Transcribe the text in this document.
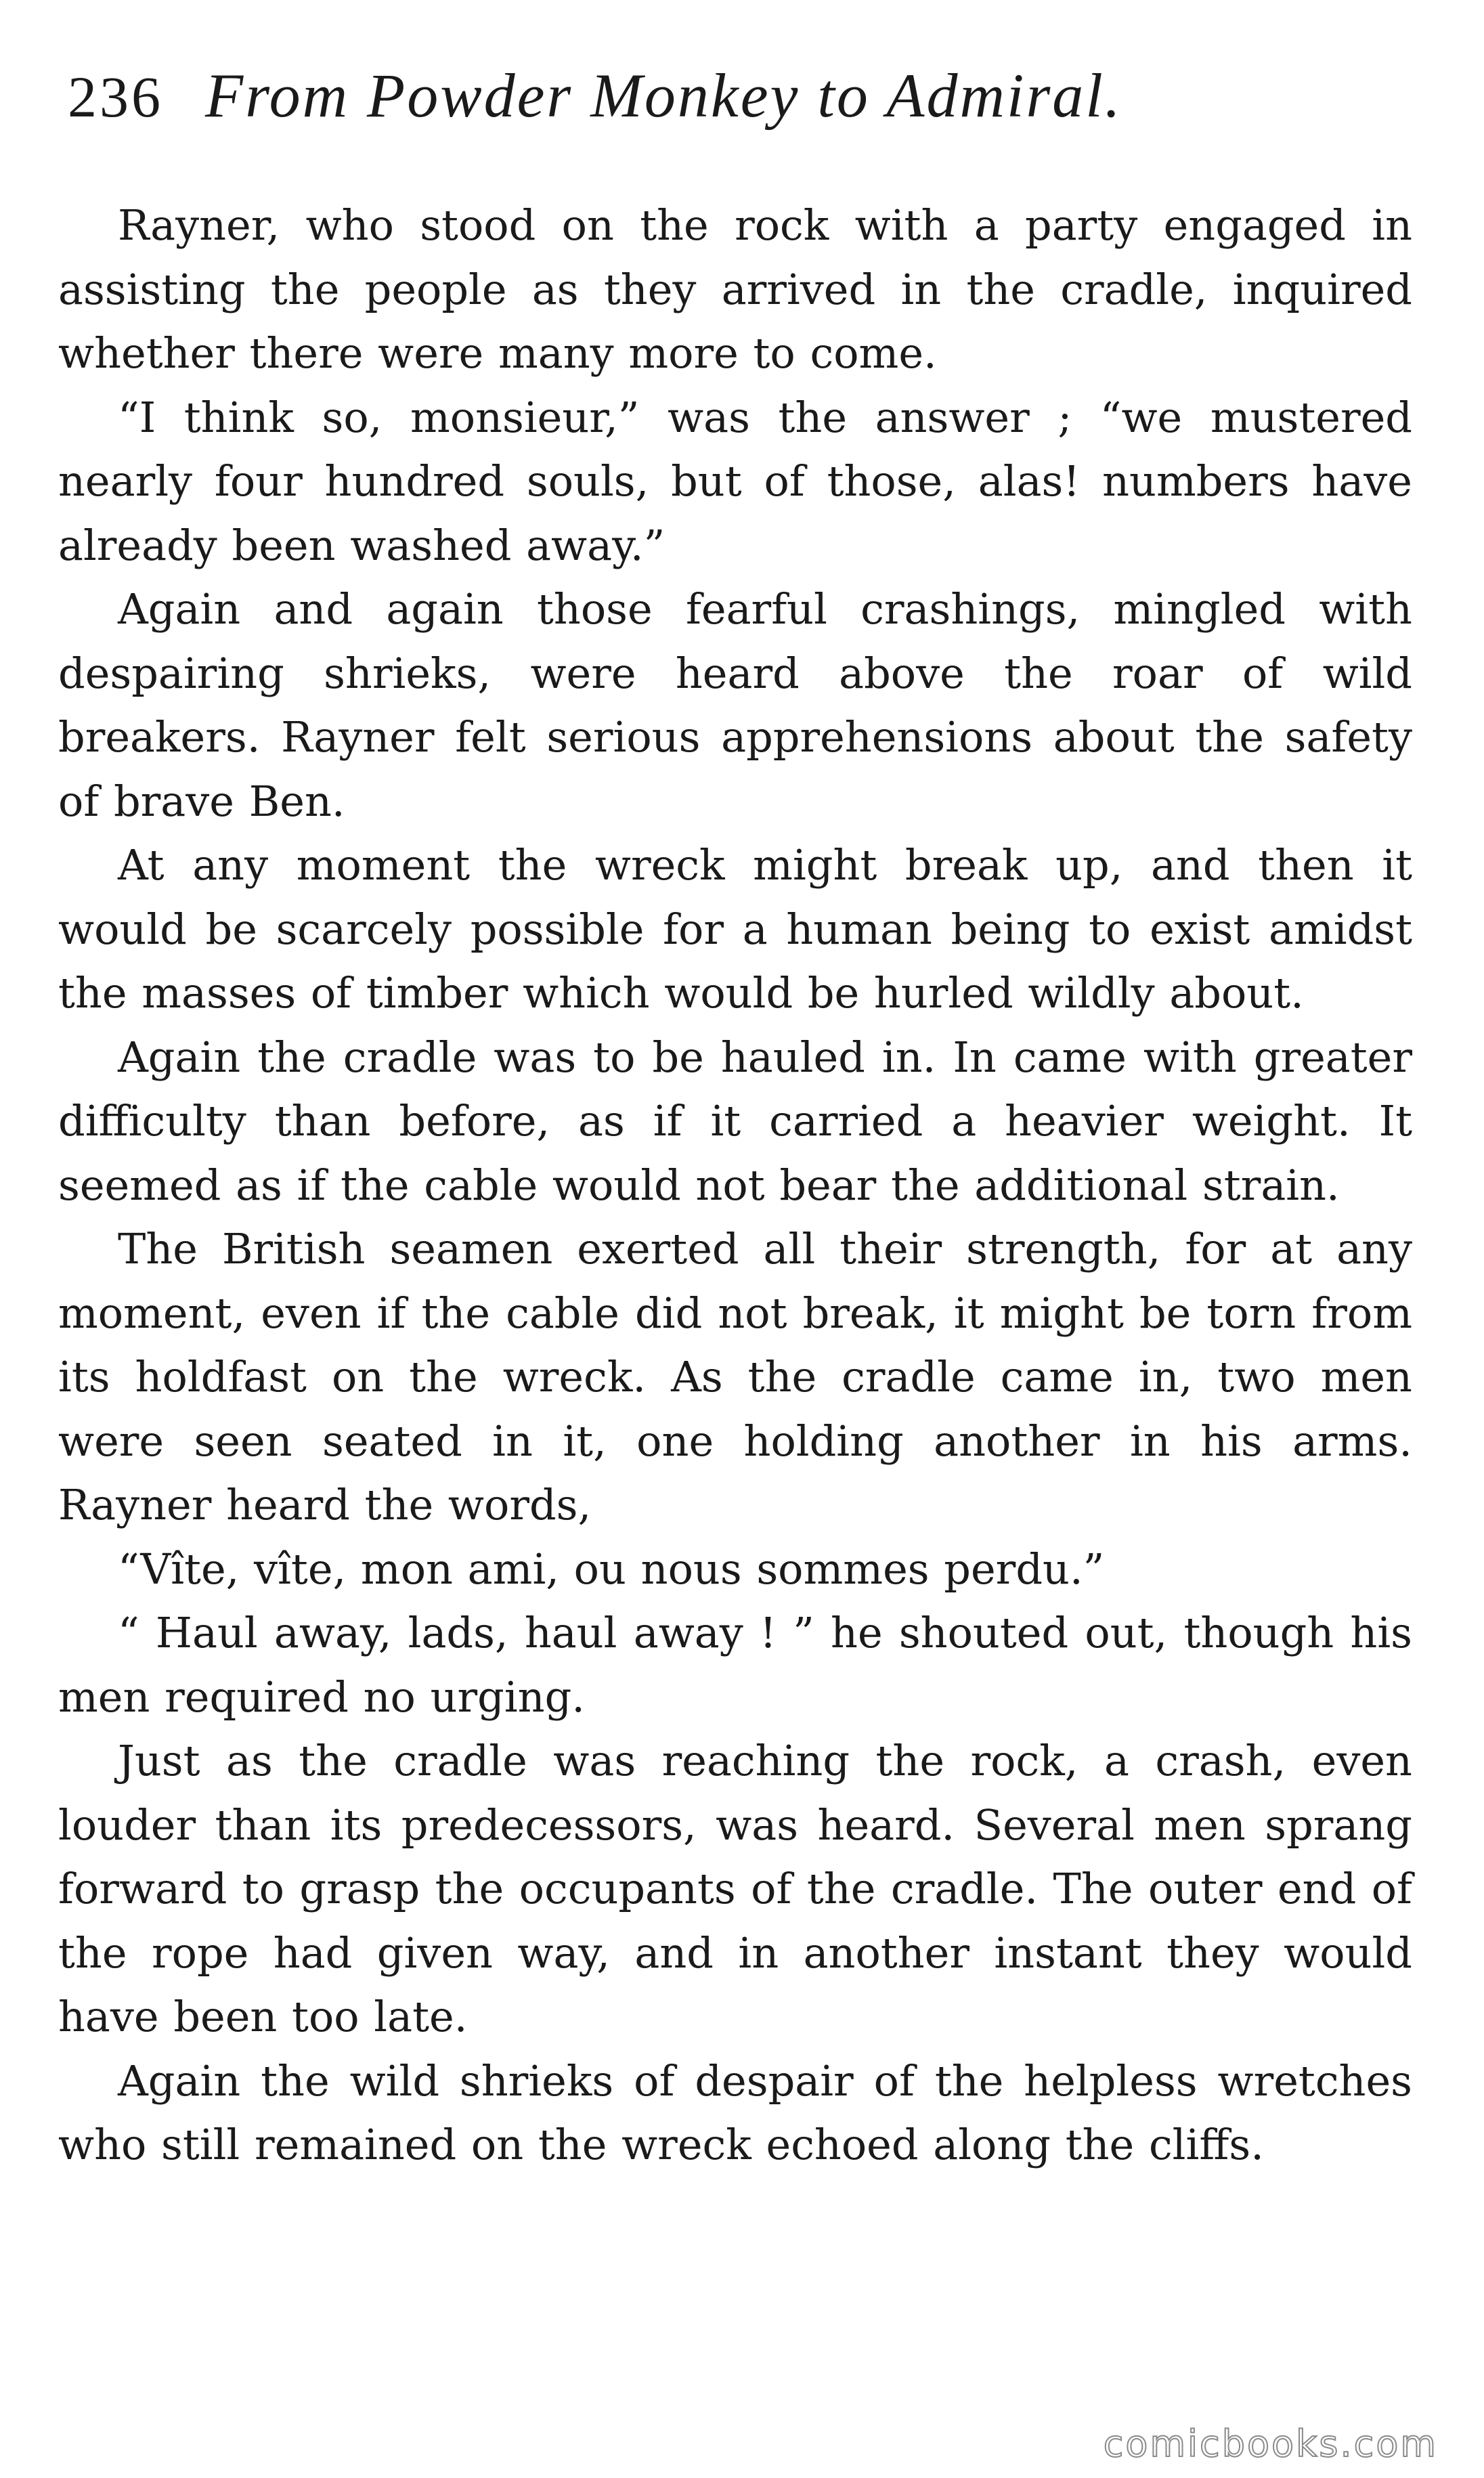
236 From Powder Monkey to Admiral.

Rayner, who stood on the rock with a party engaged in assisting the people as they arrived in the cradle, inquired whether there were many more to come.

“I think so, monsieur,” was the answer ; “we mustered nearly four hundred souls, but of those, alas! numbers have already been washed away.”

Again and again those fearful crashings, mingled with despairing shrieks, were heard above the roar of wild breakers. Rayner felt serious apprehensions about the safety of brave Ben.

At any moment the wreck might break up, and then it would be scarcely possible for a human being to exist amidst the masses of timber which would be hurled wildly about.

Again the cradle was to be hauled in. In came with greater difficulty than before, as if it carried a heavier weight. It seemed as if the cable would not bear the additional strain.

The British seamen exerted all their strength, for at any moment, even if the cable did not break, it might be torn from its holdfast on the wreck. As the cradle came in, two men were seen seated in it, one holding another in his arms. Rayner heard the words,

“Vîte, vîte, mon ami, ou nous sommes perdu.”

“ Haul away, lads, haul away ! ” he shouted out, though his men required no urging.

Just as the cradle was reaching the rock, a crash, even louder than its predecessors, was heard. Several men sprang forward to grasp the occupants of the cradle. The outer end of the rope had given way, and in another instant they would have been too late.

Again the wild shrieks of despair of the helpless wretches who still remained on the wreck echoed along the cliffs.

comicbooks.com
